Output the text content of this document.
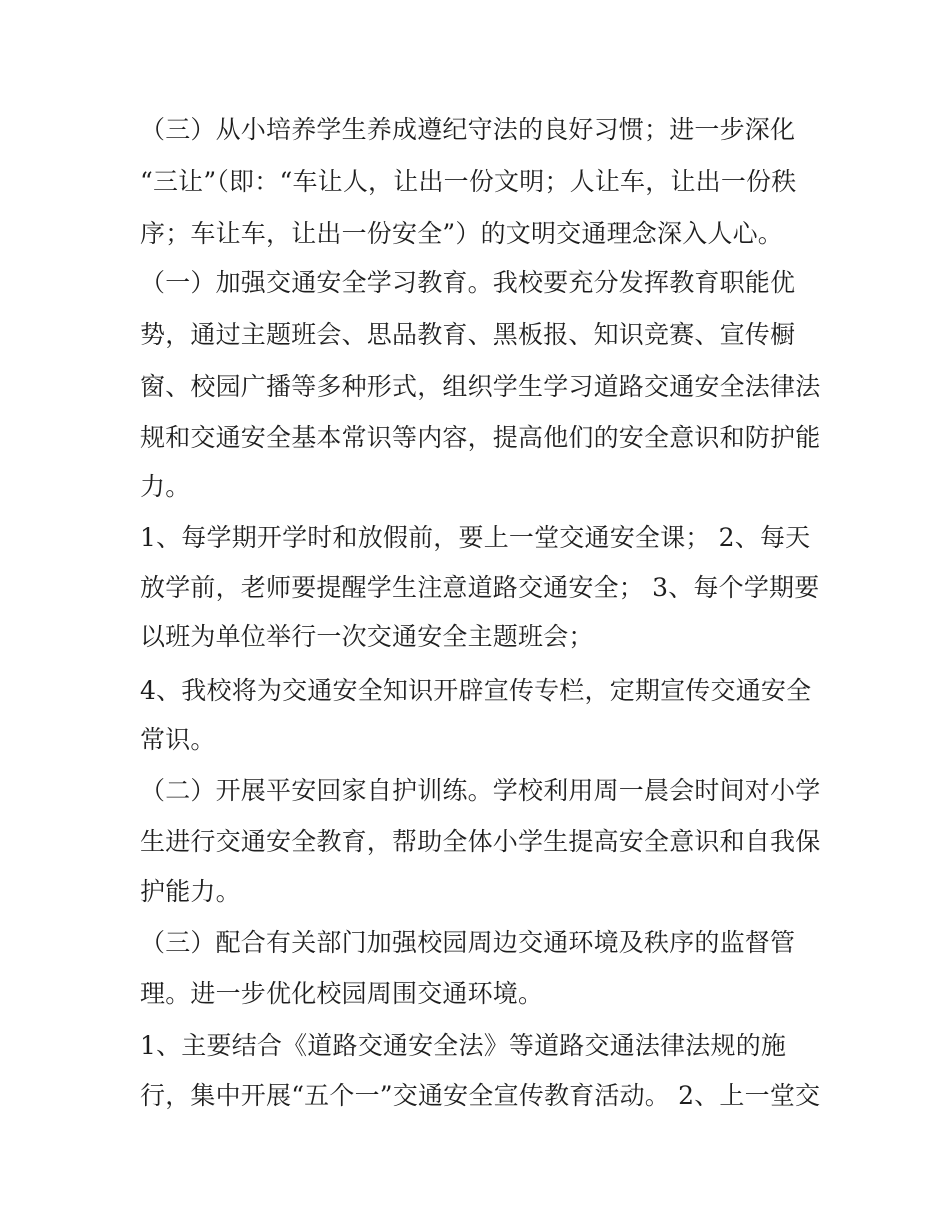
（三）从小培养学生养成遵纪守法的良好习惯；进一步深化
“三让”（即：“车让人，让出一份文明；人让车，让出一份秩
序；车让车，让出一份安全”）的文明交通理念深入人心。
（一）加强交通安全学习教育。我校要充分发挥教育职能优
势，通过主题班会、思品教育、黑板报、知识竞赛、宣传橱
窗、校园广播等多种形式，组织学生学习道路交通安全法律法
规和交通安全基本常识等内容，提高他们的安全意识和防护能
力。
1、每学期开学时和放假前，要上一堂交通安全课； 2、每天
放学前，老师要提醒学生注意道路交通安全； 3、每个学期要
以班为单位举行一次交通安全主题班会；
4、我校将为交通安全知识开辟宣传专栏，定期宣传交通安全
常识。
（二）开展平安回家自护训练。学校利用周一晨会时间对小学
生进行交通安全教育，帮助全体小学生提高安全意识和自我保
护能力。
（三）配合有关部门加强校园周边交通环境及秩序的监督管
理。进一步优化校园周围交通环境。
1、主要结合《道路交通安全法》等道路交通法律法规的施
行，集中开展“五个一”交通安全宣传教育活动。 2、上一堂交
